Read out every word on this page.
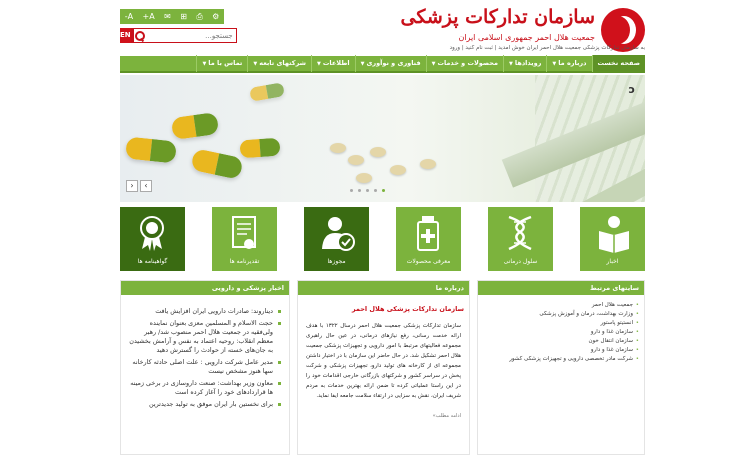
سازمان تدارکات پزشکی
جمعیت هلال احمر جمهوری اسلامی ایران
A- A+ ✉ ⊞ ⎙ ⚙
EN
جستجو...
به سازمان تدارکات پزشکی جمعیت هلال احمر ایران خوش آمدید | ثبت نام کنید | ورود
صفحه نخست
درباره ما▼
رویدادها▼
محصولات و خدمات▼
فناوری و نوآوری▼
اطلاعات▼
شرکتهای تابعه▼
تماس با ما▼
ɔ
‹	›
گواهینامه ها	تقدیرنامه ها	مجوزها	معرفی محصولات	سلول درمانی	اخبار
سایتهای مرتبط
• جمعیت هلال احمر
• وزارت بهداشت، درمان و آموزش پزشکی
• انستیتو پاستور
• سازمان غذا و دارو
• سازمان انتقال خون
• سازمان غذا و دارو
• شرکت مادر تخصصی دارویی و تجهیزات پزشکی کشور
درباره ما
سازمان تدارکات پزشکی هلال احمر
سازمان تدارکات پزشکی جمعیت هلال احمر درسال ۱۳۲۲ با هدف ارائه خدمت رسانی، رفع نیازهای درمانی، در عین حال راهبری مجموعه فعالیتهای مرتبط با امور دارویی و تجهیزات پزشکی جمعیت هلال احمر تشکیل شد. در حال حاضر این سازمان با در اختیار داشتن مجموعه ای از کارخانه های تولید دارو، تجهیزات پزشکی و شرکت پخش در سراسر کشور و شرکتهای بازرگانی خارجی اقدامات خود را در این راستا عملیاتی کرده تا ضمن ارائه بهترین خدمات به مردم شریف ایران، نقش به سزایی در ارتقاء سلامت جامعه ایفا نماید.
ادامه مطلب»
اخبار پزشکی و دارویی
دیناروند: صادرات دارویی ایران افزایش یافت
حجت الاسلام و المسلمین معزی بعنوان نماینده ولی‌فقیه در جمعیت هلال احمر منصوب شد/ رهبر معظم انقلاب: روحیه اعتماد به نفس و آرامش بخشیدن به جان‌های خسته از حوادث را گسترش دهید
مدیر عامل شرکت دارویی : علت اصلی حادثه کارخانه سها هنوز مشخص نیست
معاون وزیر بهداشت: صنعت داروسازی در برخی زمینه ها قراردادهای خود را آغاز کرده است
برای نخستین بار ایران موفق به تولید جدیدترین
